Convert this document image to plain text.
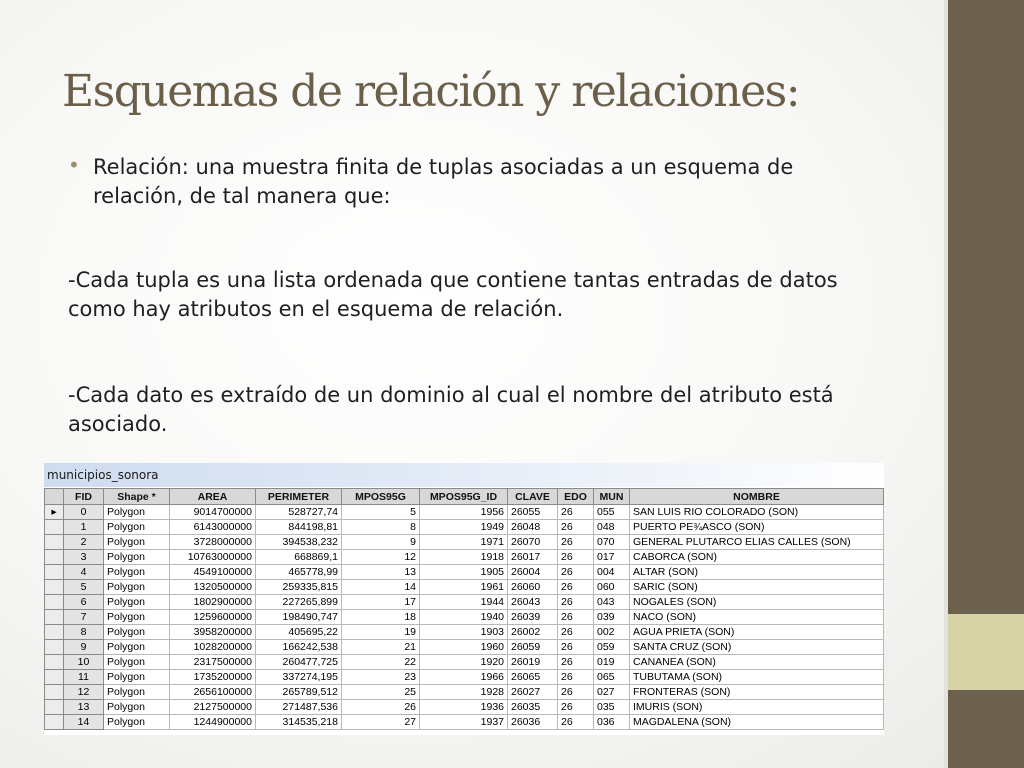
Esquemas de relación y relaciones:
• Relación: una muestra finita de tuplas asociadas a un esquema de relación, de tal manera que:
-Cada tupla es una lista ordenada que contiene tantas entradas de datos como hay atributos en el esquema de relación.
-Cada dato es extraído de un dominio al cual el nombre del atributo está asociado.
municipios_sonora
	FID	Shape *	AREA	PERIMETER	MPOS95G	MPOS95G_ID	CLAVE	EDO	MUN	NOMBRE
▸	0	Polygon	9014700000	528727,74	5	1956	26055	26	055	SAN LUIS RIO COLORADO (SON)
	1	Polygon	6143000000	844198,81	8	1949	26048	26	048	PUERTO PE¾ASCO (SON)
	2	Polygon	3728000000	394538,232	9	1971	26070	26	070	GENERAL PLUTARCO ELIAS CALLES (SON)
	3	Polygon	10763000000	668869,1	12	1918	26017	26	017	CABORCA (SON)
	4	Polygon	4549100000	465778,99	13	1905	26004	26	004	ALTAR (SON)
	5	Polygon	1320500000	259335,815	14	1961	26060	26	060	SARIC (SON)
	6	Polygon	1802900000	227265,899	17	1944	26043	26	043	NOGALES (SON)
	7	Polygon	1259600000	198490,747	18	1940	26039	26	039	NACO (SON)
	8	Polygon	3958200000	405695,22	19	1903	26002	26	002	AGUA PRIETA (SON)
	9	Polygon	1028200000	166242,538	21	1960	26059	26	059	SANTA CRUZ (SON)
	10	Polygon	2317500000	260477,725	22	1920	26019	26	019	CANANEA (SON)
	11	Polygon	1735200000	337274,195	23	1966	26065	26	065	TUBUTAMA (SON)
	12	Polygon	2656100000	265789,512	25	1928	26027	26	027	FRONTERAS (SON)
	13	Polygon	2127500000	271487,536	26	1936	26035	26	035	IMURIS (SON)
	14	Polygon	1244900000	314535,218	27	1937	26036	26	036	MAGDALENA (SON)
